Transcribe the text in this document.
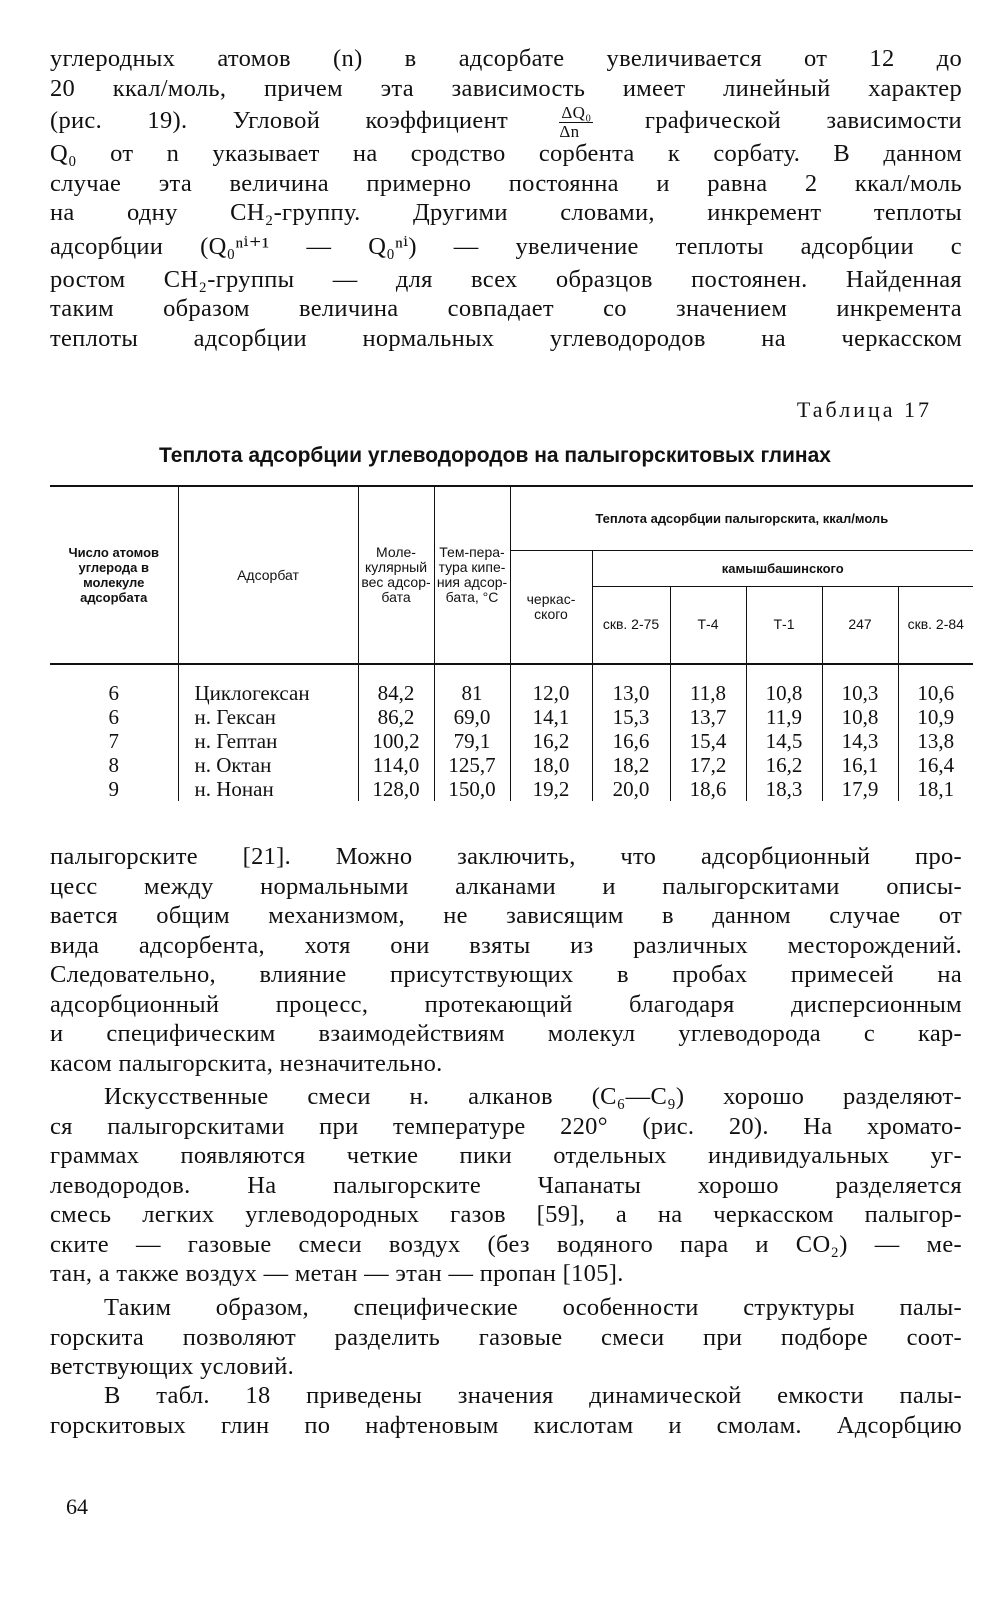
углеродных атомов (n) в адсорбате увеличивается от 12 до
20 ккал/моль, причем эта зависимость имеет линейный характер
(рис. 19). Угловой коэффициент	$\frac{\text{ΔQ₀}}{\Delta n}$ графической зависимости
Q₀ от n указывает на сродство сорбента к сорбату. В данном
случае эта величина примерно постоянна и равна 2 ккал/моль
на одну CH₂-группу. Другими словами, инкремент теплоты
адсорбции (Q₀ⁿⁱ⁺¹ — Q₀ⁿⁱ) — увеличение теплоты адсорбции с
ростом CH₂-группы — для всех образцов постоянен. Найденная
таким образом величина совпадает со значением инкремента
теплоты адсорбции нормальных углеводородов на черкасском
Таблица 17
Теплота адсорбции углеводородов на палыгорскитовых глинах
Число атомов углерода в молекуле адсорбата	Адсорбат	Моле-кулярный вес адсор-бата	Тем-пера-тура кипе-ния адсор-бата, °C	Теплота адсорбции палыгорскита, ккал/моль					
				черкас-ского	камышбашинского				
					скв. 2-75	Т-4	Т-1	247	скв. 2-84
6	Циклогексан	84,2	81	12,0	13,0	11,8	10,8	10,3	10,6
6	н. Гексан	86,2	69,0	14,1	15,3	13,7	11,9	10,8	10,9
7	н. Гептан	100,2	79,1	16,2	16,6	15,4	14,5	14,3	13,8
8	н. Октан	114,0	125,7	18,0	18,2	17,2	16,2	16,1	16,4
9	н. Нонан	128,0	150,0	19,2	20,0	18,6	18,3	17,9	18,1
палыгорските [21]. Можно заключить, что адсорбционный про-
цесс между нормальными алканами и палыгорскитами описы-
вается общим механизмом, не зависящим в данном случае от
вида адсорбента, хотя они взяты из различных месторождений.
Следовательно, влияние присутствующих в пробах примесей на
адсорбционный процесс, протекающий благодаря дисперсионным
и специфическим взаимодействиям молекул углеводорода с кар-
касом палыгорскита, незначительно.
Искусственные смеси н. алканов (C₆—C₉) хорошо разделяют-
ся палыгорскитами при температуре 220° (рис. 20). На хромато-
граммах появляются четкие пики отдельных индивидуальных уг-
леводородов. На палыгорските Чапанаты хорошо разделяется
смесь легких углеводородных газов [59], а на черкасском палыгор-
ските — газовые смеси воздух (без водяного пара и CO₂) — ме-
тан, а также воздух — метан — этан — пропан [105].
Таким образом, специфические особенности структуры палы-
горскита позволяют разделить газовые смеси при подборе соот-
ветствующих условий.
В табл. 18 приведены значения динамической емкости палы-
горскитовых глин по нафтеновым кислотам и смолам. Адсорбцию
64
